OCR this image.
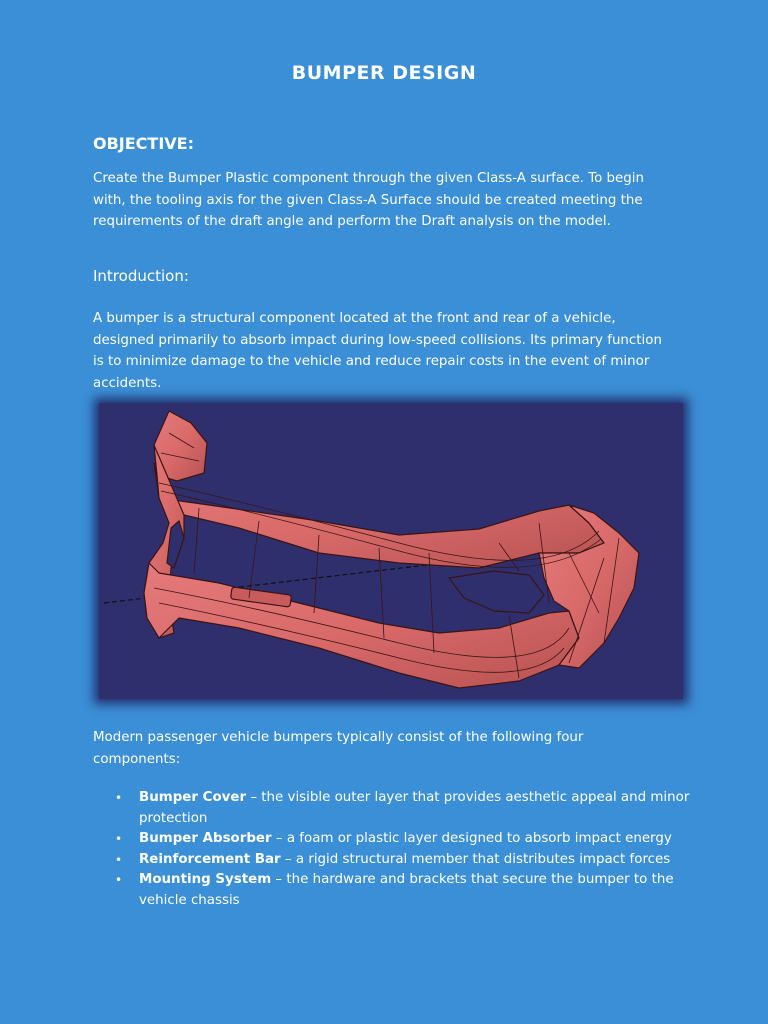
BUMPER DESIGN
OBJECTIVE:
Create the Bumper Plastic component through the given Class-A surface. To begin with, the tooling axis for the given Class-A Surface should be created meeting the requirements of the draft angle and perform the Draft analysis on the model.
Introduction:
A bumper is a structural component located at the front and rear of a vehicle, designed primarily to absorb impact during low-speed collisions. Its primary function is to minimize damage to the vehicle and reduce repair costs in the event of minor accidents.
Modern passenger vehicle bumpers typically consist of the following four components:
• Bumper Cover – the visible outer layer that provides aesthetic appeal and minor protection
• Bumper Absorber – a foam or plastic layer designed to absorb impact energy
• Reinforcement Bar – a rigid structural member that distributes impact forces
• Mounting System – the hardware and brackets that secure the bumper to the vehicle chassis
